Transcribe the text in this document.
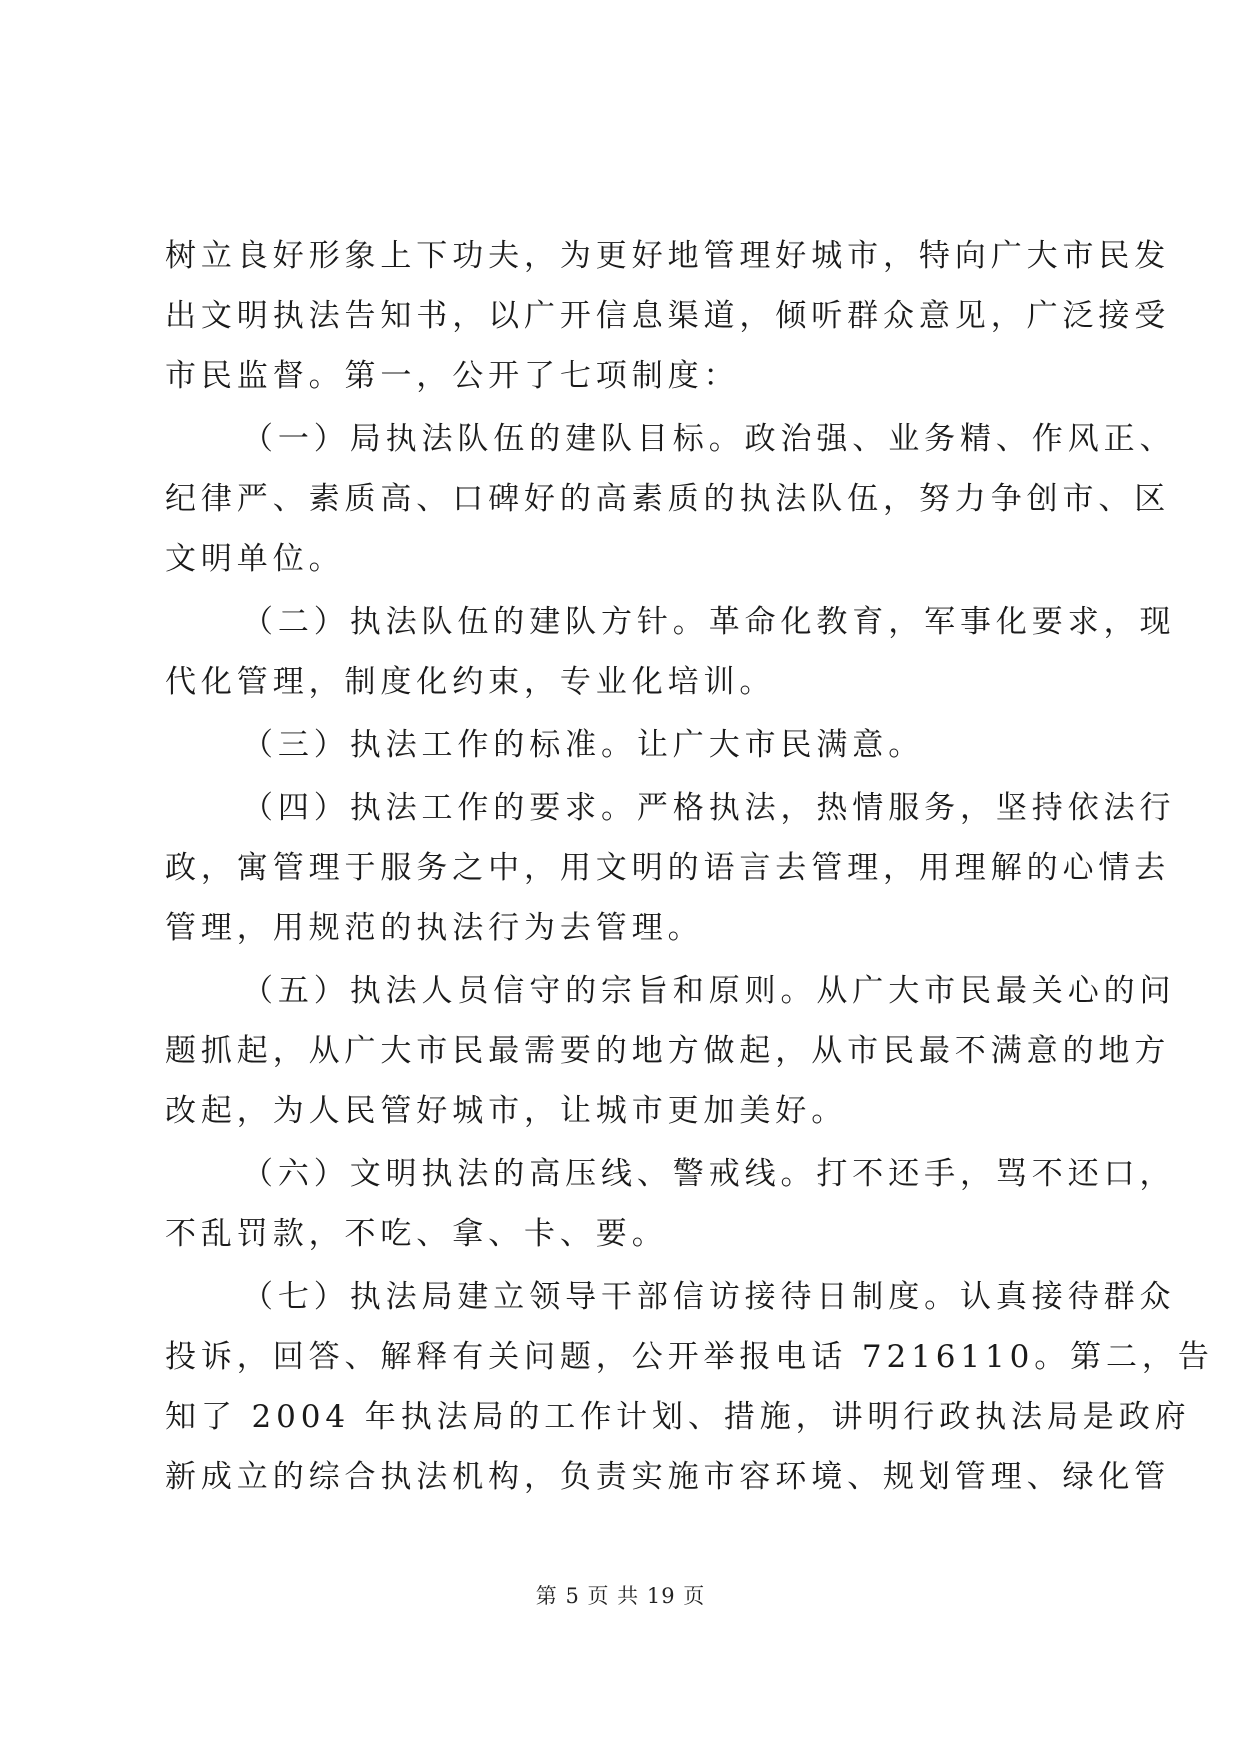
树立良好形象上下功夫，为更好地管理好城市，特向广大市民发
出文明执法告知书，以广开信息渠道，倾听群众意见，广泛接受
市民监督。第一，公开了七项制度：
（一）局执法队伍的建队目标。政治强、业务精、作风正、
纪律严、素质高、口碑好的高素质的执法队伍，努力争创市、区
文明单位。
（二）执法队伍的建队方针。革命化教育，军事化要求，现
代化管理，制度化约束，专业化培训。
（三）执法工作的标准。让广大市民满意。
（四）执法工作的要求。严格执法，热情服务，坚持依法行
政，寓管理于服务之中，用文明的语言去管理，用理解的心情去
管理，用规范的执法行为去管理。
（五）执法人员信守的宗旨和原则。从广大市民最关心的问
题抓起，从广大市民最需要的地方做起，从市民最不满意的地方
改起，为人民管好城市，让城市更加美好。
（六）文明执法的高压线、警戒线。打不还手，骂不还口，
不乱罚款，不吃、拿、卡、要。
（七）执法局建立领导干部信访接待日制度。认真接待群众
投诉，回答、解释有关问题，公开举报电话 7216110。第二，告
知了 2004 年执法局的工作计划、措施，讲明行政执法局是政府
新成立的综合执法机构，负责实施市容环境、规划管理、绿化管
第 5 页 共 19 页
